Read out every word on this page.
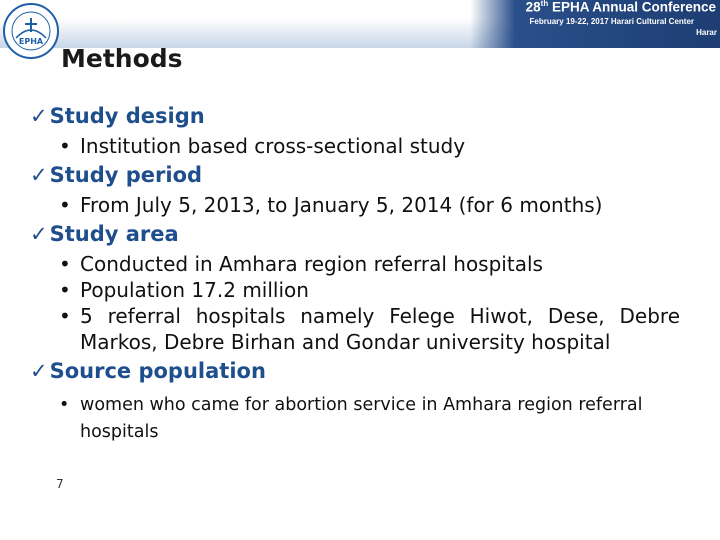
28th EPHA Annual Conference
February 19-22, 2017 Harari Cultural Center
Harar
EPHA
Methods
✓Study design
• Institution based cross-sectional study
✓Study period
• From July 5, 2013, to January 5, 2014 (for 6 months)
✓Study area
• Conducted in Amhara region referral hospitals
• Population 17.2 million
• 5 referral hospitals namely Felege Hiwot, Dese, Debre Markos, Debre Birhan and Gondar university hospital
✓Source population
• women who came for abortion service in Amhara region referral hospitals
7
